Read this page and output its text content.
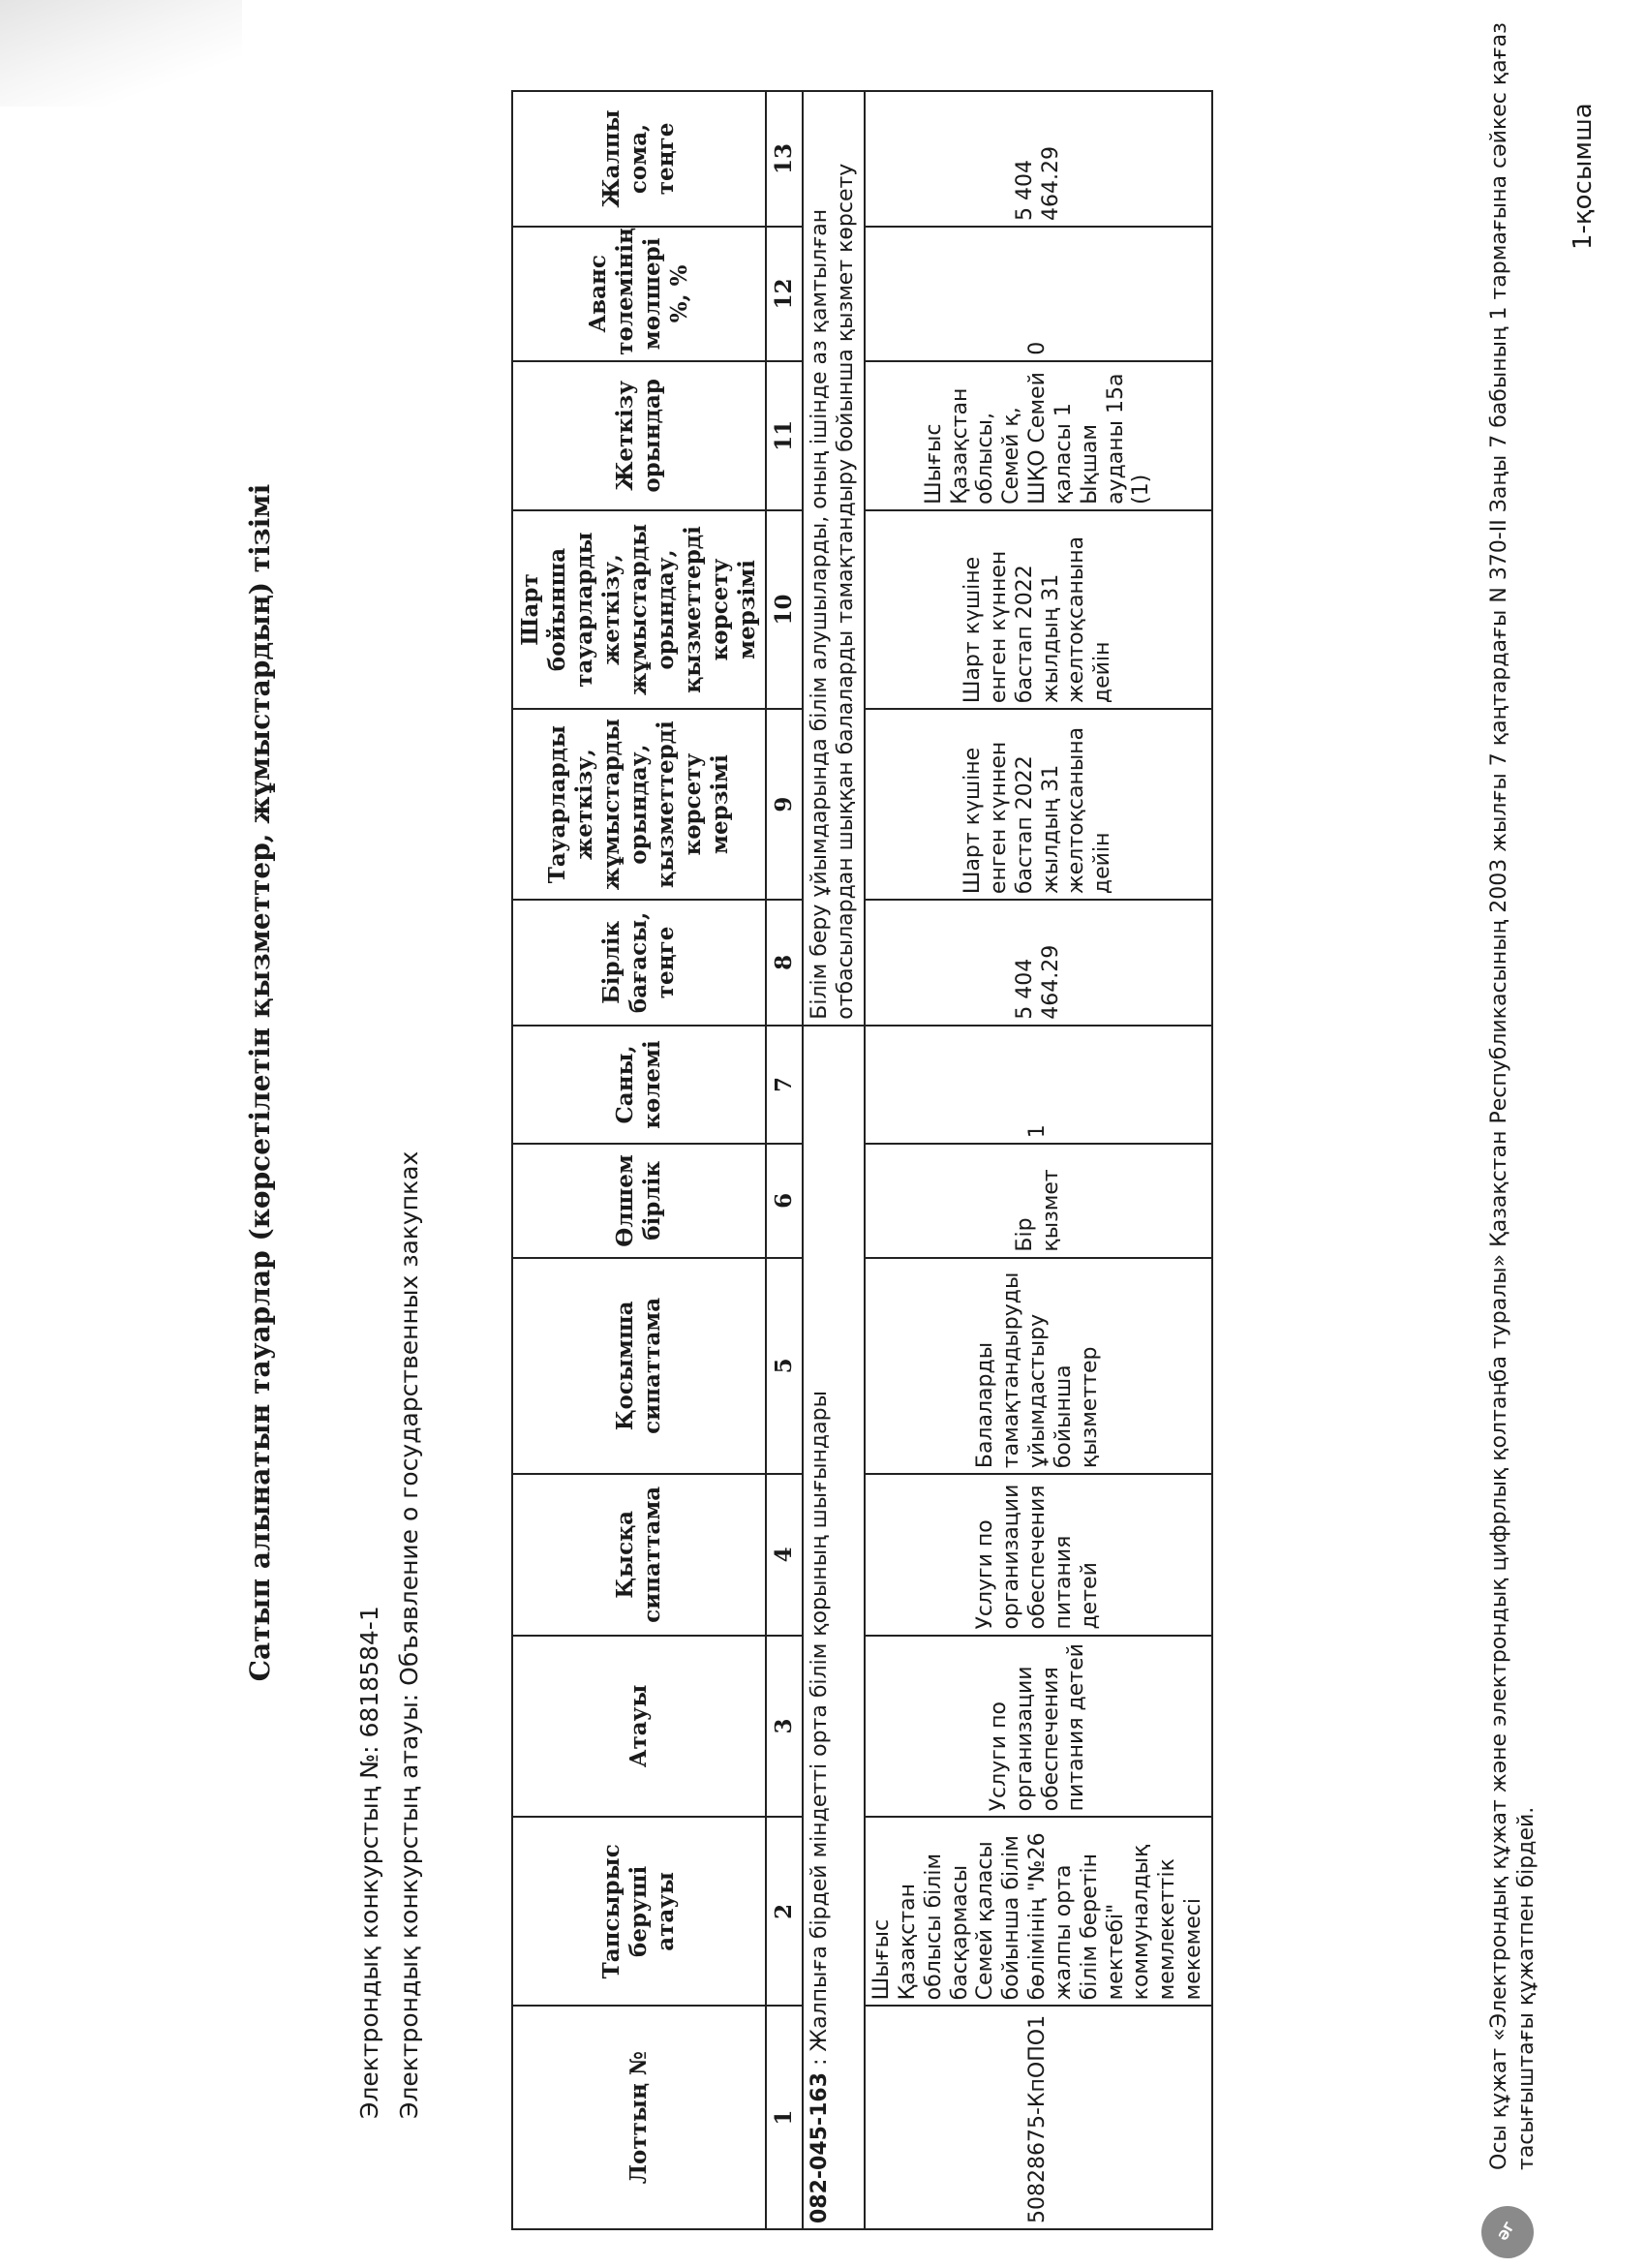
1-қосымша
Сатып алынатын тауарлар (көрсетілетін қызметтер, жұмыстардың) тізімі
Электрондық конкурстың №: 6818584-1
Электрондық конкурстың атауы: Объявление о государственных закупках
Лоттың №	Тапсырыс беруші атауы	Атауы	Қысқа сипаттама	Қосымша сипаттама	Өлшем бірлік	Саны, көлемі	Бірлік бағасы, теңге	Тауарларды жеткізу, жұмыстарды орындау, қызметтерді көрсету мерзімі	Шарт бойынша тауарларды жеткізу, жұмыстарды орындау, қызметтерді көрсету мерзімі	Жеткізу орындар	Аванс төлемінің мөлшері %, %	Жалпы сома, теңге
1	2	3	4	5	6	7	8	9	10	11	12	13
082-045-163 : Жалпыға бірдей міндетті орта білім қорының шығындары							Білім беру ұйымдарында білім алушыларды, оның ішінде аз қамтылған отбасылардан шыққан балаларды тамақтандыру бойынша қызмет көрсету					
50828675-КпОПО1	Шығыс Қазақстан облысы білім басқармасы Семей қаласы бойынша білім бөлімінің "№26 жалпы орта білім беретін мектебі" коммуналдық мемлекеттік мекемесі	Услуги по организации обеспечения питания детей	Услуги по организации обеспечения питания детей	Балаларды тамақтандыруды ұйымдастыру бойынша қызметтер	Бір қызмет	1	5 404 464.29	Шарт күшіне енген күннен бастап 2022 жылдың 31 желтоқсанына дейін	Шарт күшіне енген күннен бастап 2022 жылдың 31 желтоқсанына дейін	Шығыс Қазақстан облысы, Семей қ, ШҚО Семей қаласы 1 Ықшам ауданы 15а (1)	0	5 404 464.29
ӘГ
Осы құжат «Электрондық құжат және электрондық цифрлық қолтаңба туралы» Қазақстан Республикасының 2003 жылғы 7 қаңтардағы N 370-II Заңы 7 бабының 1 тармағына сәйкес қағаз тасығыштағы құжатпен бірдей.
